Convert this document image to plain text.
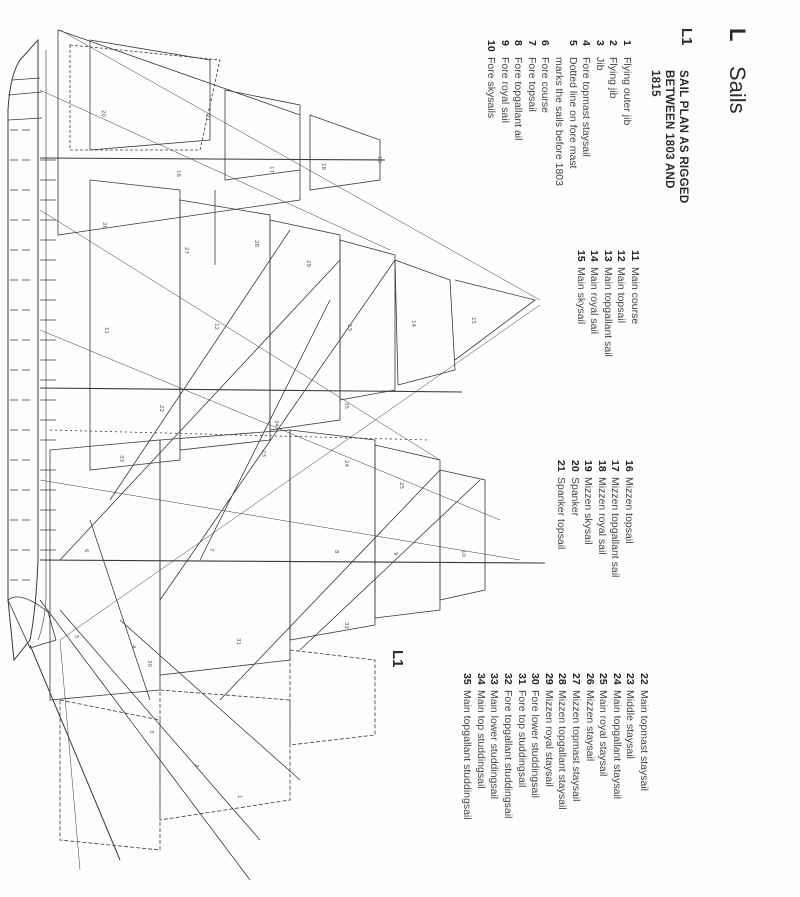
19
18
17
16
20
21
26
27
28
29
15
14
13
12
11
35
34
22
23
24
25
33
10
9
8
7
6
32
31
30
4
5
3
2
1
L
Sails
L1
SAIL PLAN AS RIGGED
BETWEEN 1803 AND
1815
1Flying outer jib
2Flying jib
3Jib
4Fore topmast staysail
5Dotted line on fore mast
marks the sails before 1803
6Fore course
7Fore topsail
8Fore topgallant ail
9Fore royal sail
10Fore skysails
11Main course
12Main topsail
13Main topgallant sail
14Main royal sail
15Main skysail
16Mizzen topsail
17Mizzen topgallant sail
18Mizzen royal sail
19Mizzen skysail
20Spanker
21Spanker topsail
22Main topmast staysail
23Middle staysail
24Main topgallant staysail
25Main royal staysail
26Mizzen staysail
27Mizzen topmast staysail
28Mizzen topgallant staysail
29Mizzen royal staysail
30Fore lower studdingsail
31Fore top studdingsail
32Fore topgallant studdingsail
33Main lower studdingsail
34Main top studdingsail
35Main topgallant studdingsail
L1
